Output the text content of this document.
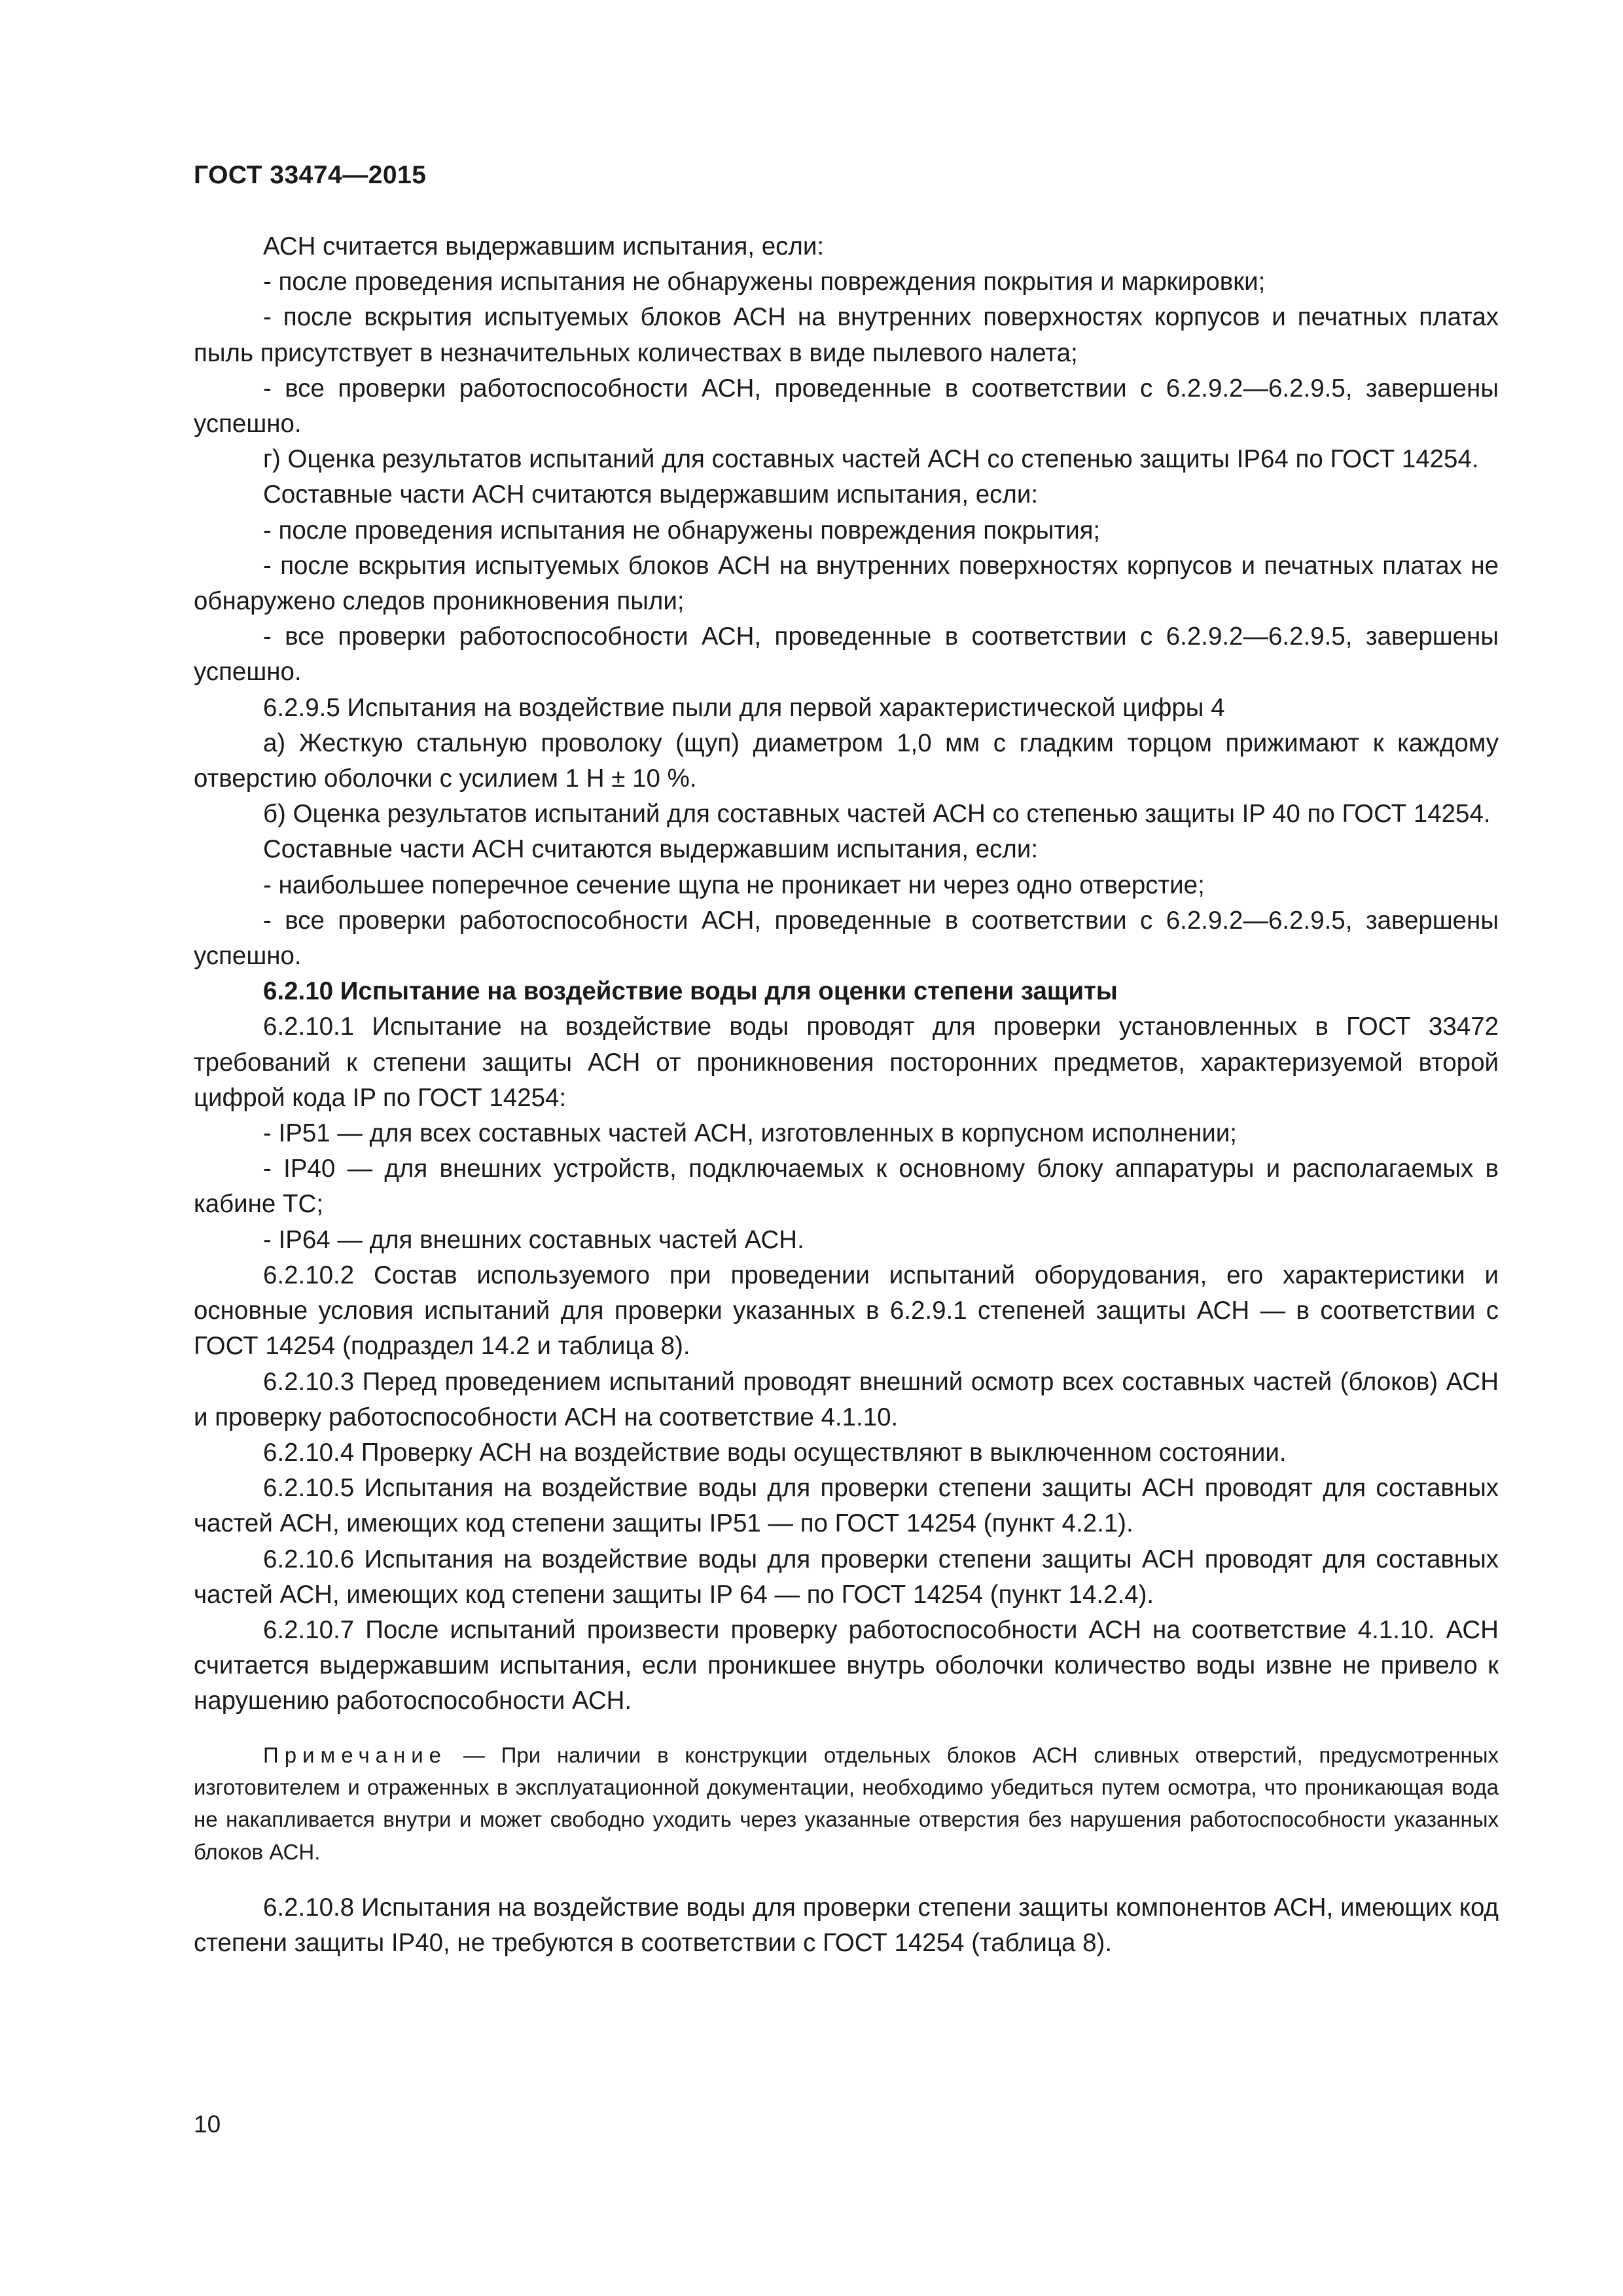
ГОСТ 33474—2015

АСН считается выдержавшим испытания, если:

- после проведения испытания не обнаружены повреждения покрытия и маркировки;

- после вскрытия испытуемых блоков АСН на внутренних поверхностях корпусов и печатных платах пыль присутствует в незначительных количествах в виде пылевого налета;

- все проверки работоспособности АСН, проведенные в соответствии с 6.2.9.2—6.2.9.5, завершены успешно.

г) Оценка результатов испытаний для составных частей АСН со степенью защиты IP64 по ГОСТ 14254.

Составные части АСН считаются выдержавшим испытания, если:

- после проведения испытания не обнаружены повреждения покрытия;

- после вскрытия испытуемых блоков АСН на внутренних поверхностях корпусов и печатных платах не обнаружено следов проникновения пыли;

- все проверки работоспособности АСН, проведенные в соответствии с 6.2.9.2—6.2.9.5, завершены успешно.

6.2.9.5 Испытания на воздействие пыли для первой характеристической цифры 4

а) Жесткую стальную проволоку (щуп) диаметром 1,0 мм с гладким торцом прижимают к каждому отверстию оболочки с усилием 1 Н ± 10 %.

б) Оценка результатов испытаний для составных частей АСН со степенью защиты IP 40 по ГОСТ 14254.

Составные части АСН считаются выдержавшим испытания, если:

- наибольшее поперечное сечение щупа не проникает ни через одно отверстие;

- все проверки работоспособности АСН, проведенные в соответствии с 6.2.9.2—6.2.9.5, завершены успешно.

6.2.10 Испытание на воздействие воды для оценки степени защиты

6.2.10.1 Испытание на воздействие воды проводят для проверки установленных в ГОСТ 33472 требований к степени защиты АСН от проникновения посторонних предметов, характеризуемой второй цифрой кода IP по ГОСТ 14254:

- IP51 — для всех составных частей АСН, изготовленных в корпусном исполнении;

- IP40 — для внешних устройств, подключаемых к основному блоку аппаратуры и располагаемых в кабине ТС;

- IP64 — для внешних составных частей АСН.

6.2.10.2 Состав используемого при проведении испытаний оборудования, его характеристики и основные условия испытаний для проверки указанных в 6.2.9.1 степеней защиты АСН — в соответствии с ГОСТ 14254 (подраздел 14.2 и таблица 8).

6.2.10.3 Перед проведением испытаний проводят внешний осмотр всех составных частей (блоков) АСН и проверку работоспособности АСН на соответствие 4.1.10.

6.2.10.4 Проверку АСН на воздействие воды осуществляют в выключенном состоянии.

6.2.10.5 Испытания на воздействие воды для проверки степени защиты АСН проводят для составных частей АСН, имеющих код степени защиты IP51 — по ГОСТ 14254 (пункт 4.2.1).

6.2.10.6 Испытания на воздействие воды для проверки степени защиты АСН проводят для составных частей АСН, имеющих код степени защиты IP 64 — по ГОСТ 14254 (пункт 14.2.4).

6.2.10.7 После испытаний произвести проверку работоспособности АСН на соответствие 4.1.10. АСН считается выдержавшим испытания, если проникшее внутрь оболочки количество воды извне не привело к нарушению работоспособности АСН.

Примечание — При наличии в конструкции отдельных блоков АСН сливных отверстий, предусмотренных изготовителем и отраженных в эксплуатационной документации, необходимо убедиться путем осмотра, что проникающая вода не накапливается внутри и может свободно уходить через указанные отверстия без нарушения работоспособности указанных блоков АСН.

6.2.10.8 Испытания на воздействие воды для проверки степени защиты компонентов АСН, имеющих код степени защиты IP40, не требуются в соответствии с ГОСТ 14254 (таблица 8).

10
